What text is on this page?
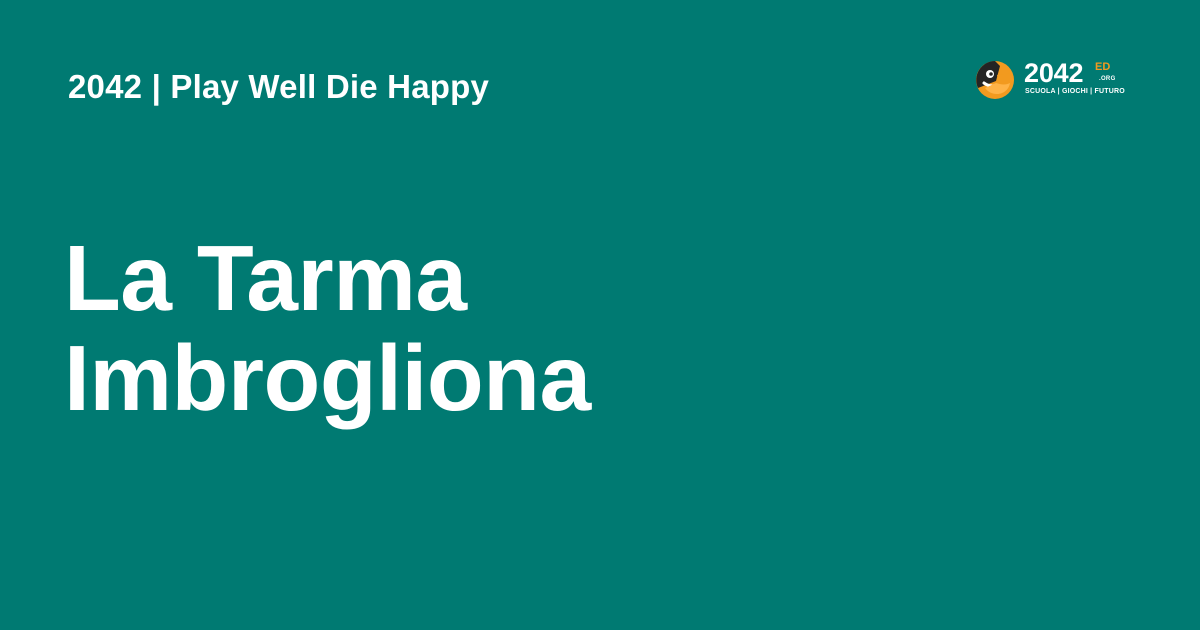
2042 | Play Well Die Happy
La Tarma
Imbrogliona
2042 ED
.ORG
SCUOLA | GIOCHI | FUTURO
